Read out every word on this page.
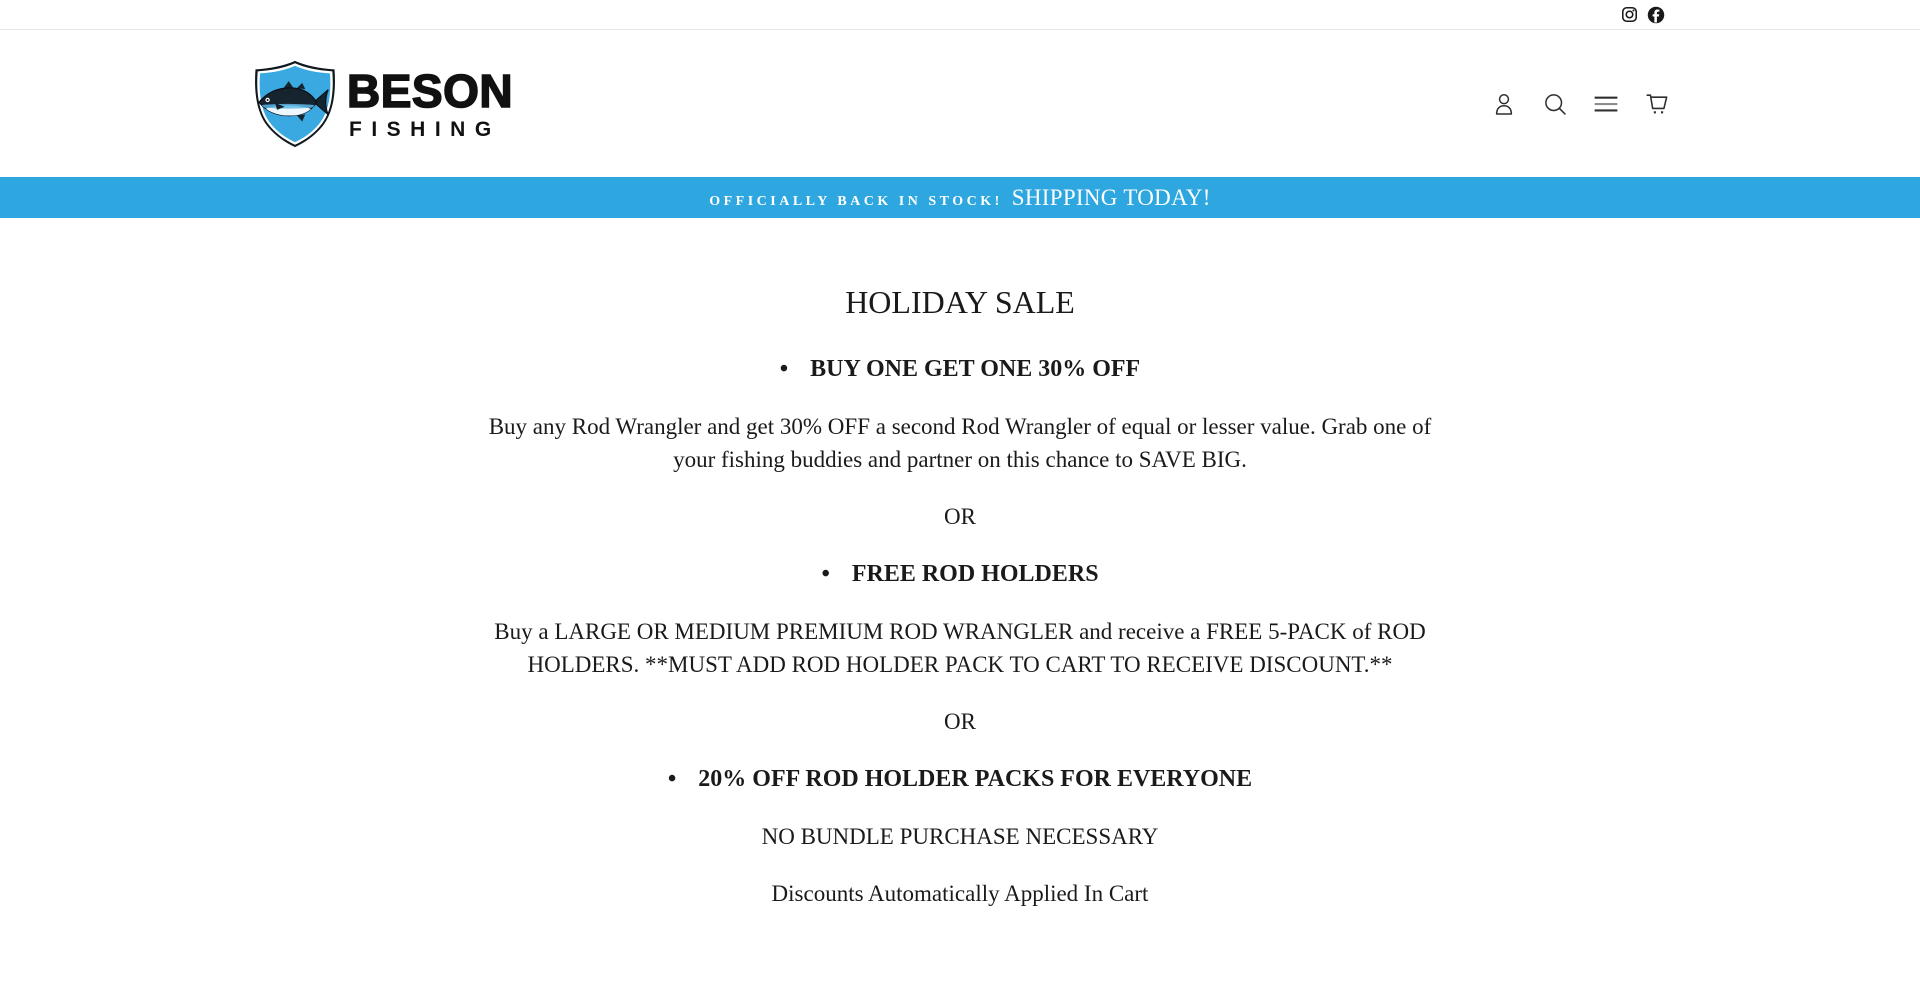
BESON
FISHING
OFFICIALLY BACK IN STOCK! SHIPPING TODAY!
HOLIDAY SALE
• BUY ONE GET ONE 30% OFF

Buy any Rod Wrangler and get 30% OFF a second Rod Wrangler of equal or lesser value. Grab one of your fishing buddies and partner on this chance to SAVE BIG.

OR

• FREE ROD HOLDERS

Buy a LARGE OR MEDIUM PREMIUM ROD WRANGLER and receive a FREE 5-PACK of ROD HOLDERS. **MUST ADD ROD HOLDER PACK TO CART TO RECEIVE DISCOUNT.**

OR

• 20% OFF ROD HOLDER PACKS FOR EVERYONE

NO BUNDLE PURCHASE NECESSARY

Discounts Automatically Applied In Cart
